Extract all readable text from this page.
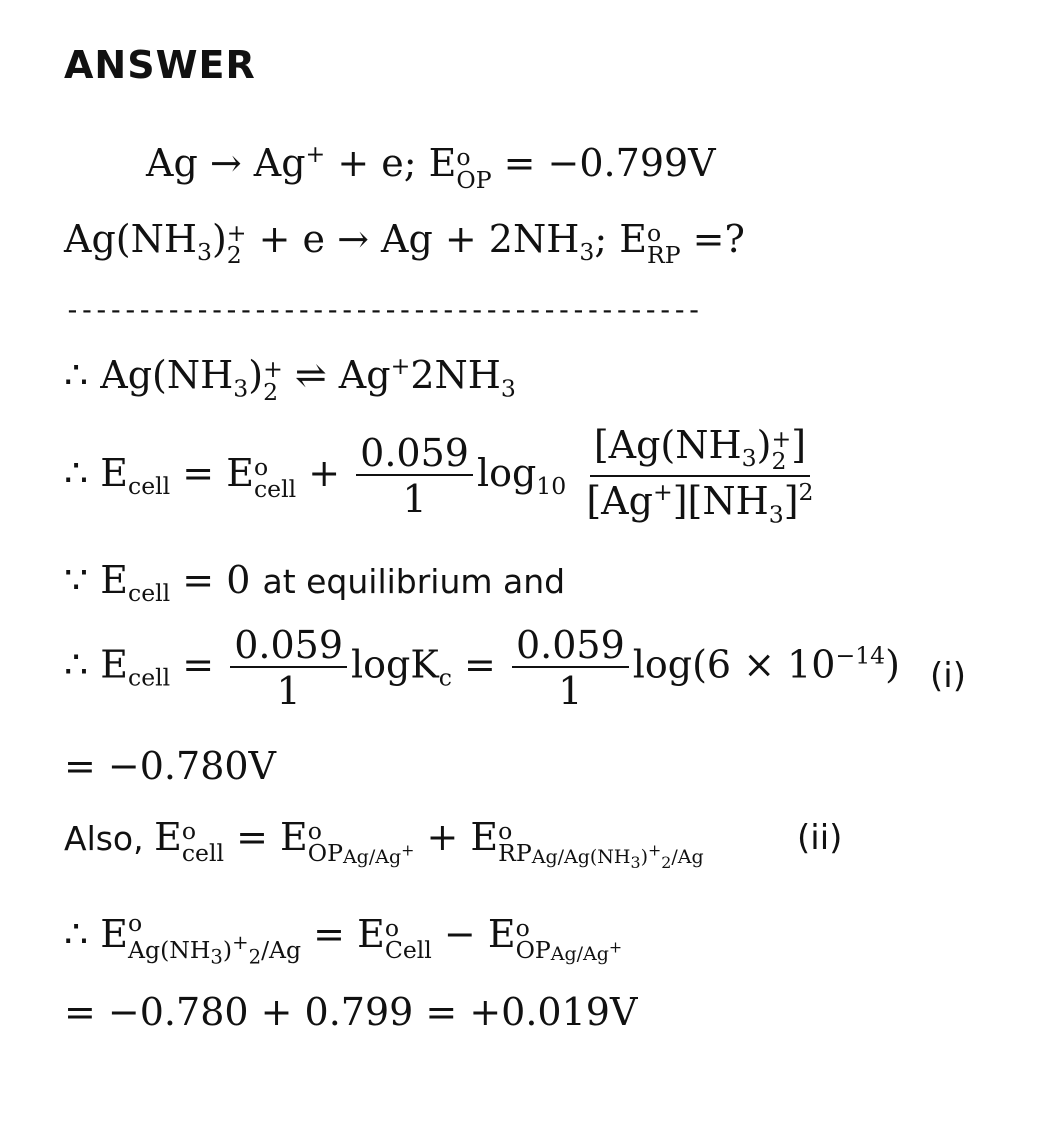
ANSWER
Ag → Ag+ + e; E o
OP = −0.799V
$Ag(NH_3)$ +
$2 + e \to Ag + 2NH_3$; E o
RP =?
--------------------------------------------
∴ $Ag(NH_3)$ +
2 ⇌ $Ag^+2NH_3$
∴ $E_{cell} = E$ o
cell + $\frac{0.059}{1} \log_{10} [Ag(NH_3)$ +
2 ]
$[Ag^+][NH_3]^2$
∵ $E_{cell} = 0$ at equilibrium and
∴ $E_{cell} = \frac{0.059}{1} \log K_c = \frac{0.059}{1} \log(6 \times 10^{-14})$ (i)
= −0.780V
Also, E o
cell = E o
OP $_{Ag/Ag^+}$ + E o
RP $_{Ag/Ag(NH_3)^+_2/Ag}$	(ii)
∴ E o
$Ag(NH_3)^+_2/Ag = E$ o
Cell − E o
OP $_{Ag/Ag^+}$
= −0.780 + 0.799 = +0.019V
